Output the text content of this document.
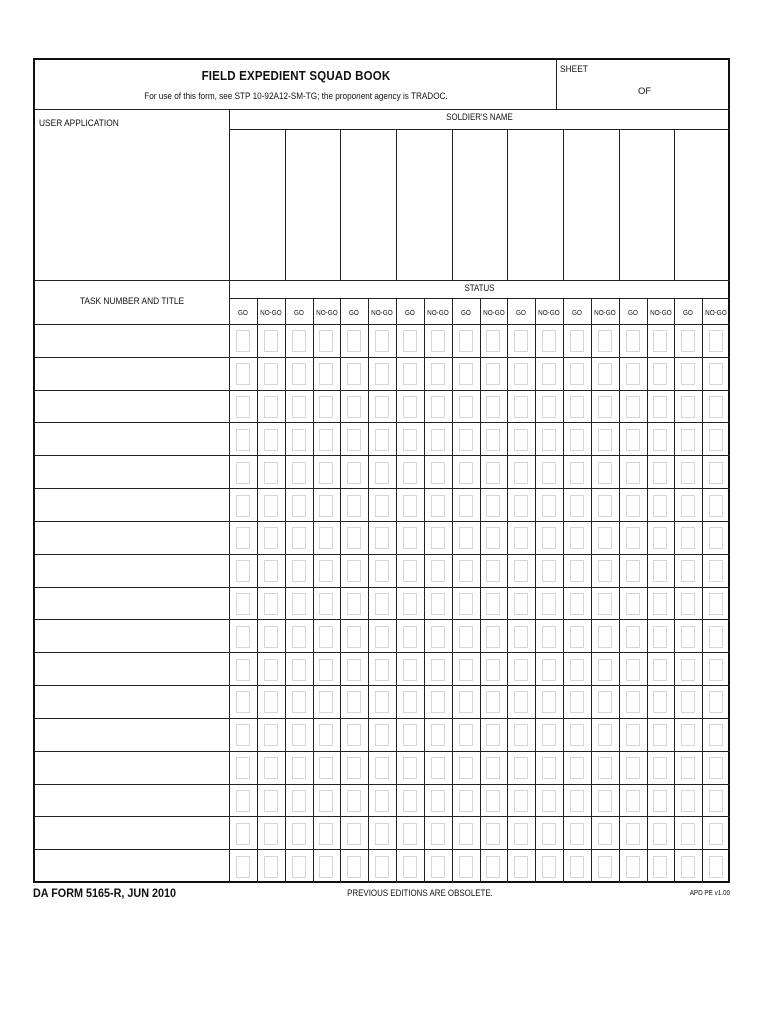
FIELD EXPEDIENT SQUAD BOOK
For use of this form, see STP 10-92A12-SM-TG; the proponent agency is TRADOC.
SHEET
OF
USER APPLICATION
SOLDIER'S NAME
STATUS
TASK NUMBER AND TITLE
GO	NO-GO	GO	NO-GO	GO	NO-GO	GO	NO-GO	GO	NO-GO	GO	NO-GO	GO	NO-GO	GO	NO-GO	GO	NO-GO
DA FORM 5165-R, JUN 2010	PREVIOUS EDITIONS ARE OBSOLETE.	APD PE v1.00
